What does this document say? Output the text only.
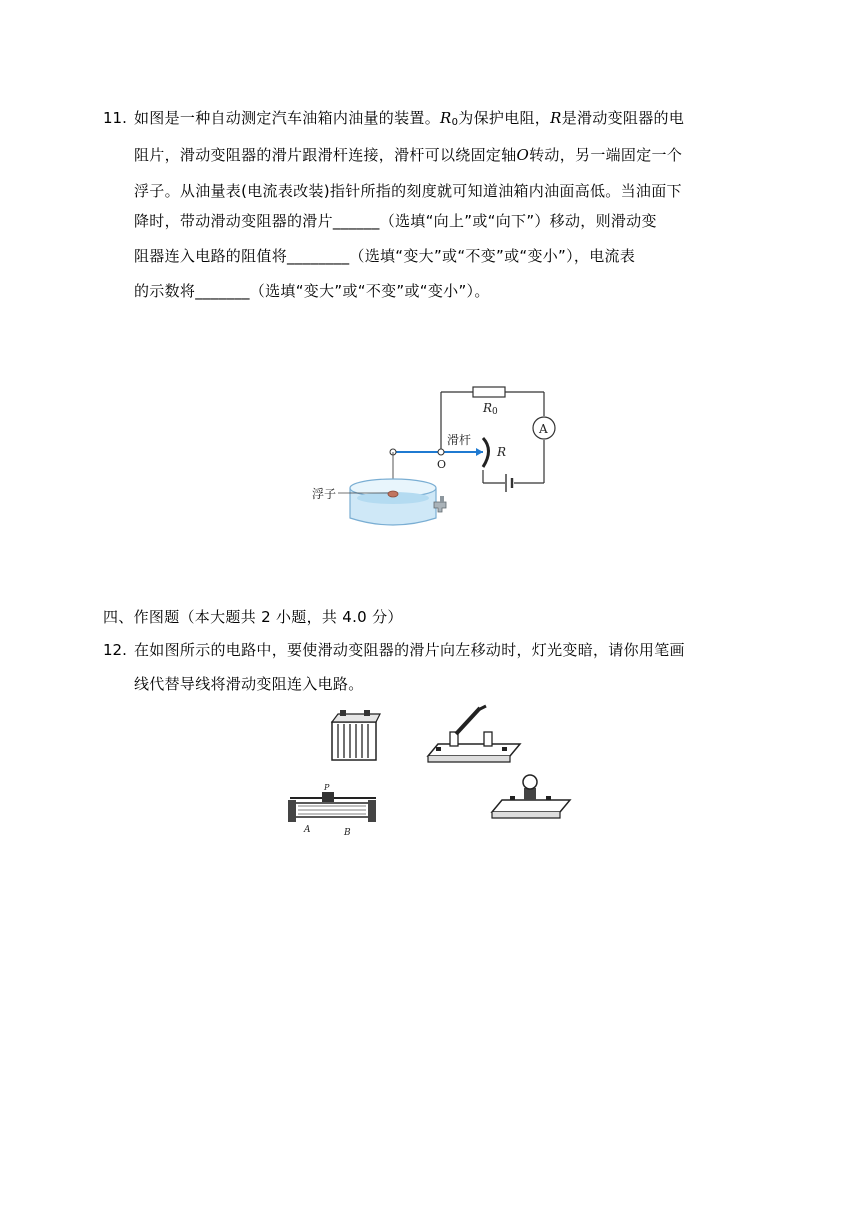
11. 如图是一种自动测定汽车油箱内油量的装置。$R_0$为保护电阻，R是滑动变阻器的电
阻片，滑动变阻器的滑片跟滑杆连接，滑杆可以绕固定轴O转动，另一端固定一个
浮子。从油量表(电流表改装)指针所指的刻度就可知道油箱内油面高低。当油面下
降时，带动滑动变阻器的滑片______（选填“向上”或“向下”）移动，则滑动变
阻器连入电路的阻值将________（选填“变大”或“不变”或“变小”），电流表
的示数将_______（选填“变大”或“不变”或“变小”）。
R0
A
R
滑杆
O
浮子
四、作图题（本大题共 2 小题，共 4.0 分）
12. 在如图所示的电路中，要使滑动变阻器的滑片向左移动时，灯光变暗，请你用笔画
线代替导线将滑动变阻连入电路。
P
A	B
